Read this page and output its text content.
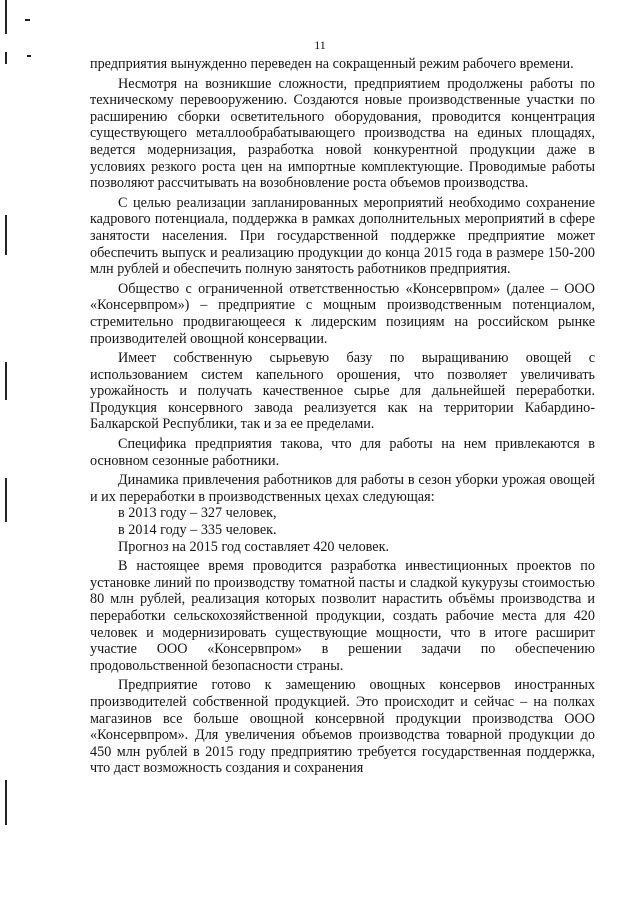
11

предприятия вынужденно переведен на сокращенный режим рабочего времени.

Несмотря на возникшие сложности, предприятием продолжены работы по техническому перевооружению. Создаются новые производственные участки по расширению сборки осветительного оборудования, проводится концентрация существующего металлообрабатывающего производства на единых площадях, ведется модернизация, разработка новой конкурентной продукции даже в условиях резкого роста цен на импортные комплектующие. Проводимые работы позволяют рассчитывать на возобновление роста объемов производства.

С целью реализации запланированных мероприятий необходимо сохранение кадрового потенциала, поддержка в рамках дополнительных мероприятий в сфере занятости населения. При государственной поддержке предприятие может обеспечить выпуск и реализацию продукции до конца 2015 года в размере 150-200 млн рублей и обеспечить полную занятость работников предприятия.

Общество с ограниченной ответственностью «Консервпром» (далее – ООО «Консервпром») – предприятие с мощным производственным потенциалом, стремительно продвигающееся к лидерским позициям на российском рынке производителей овощной консервации.

Имеет собственную сырьевую базу по выращиванию овощей с использованием систем капельного орошения, что позволяет увеличивать урожайность и получать качественное сырье для дальнейшей переработки. Продукция консервного завода реализуется как на территории Кабардино-Балкарской Республики, так и за ее пределами.

Специфика предприятия такова, что для работы на нем привлекаются в основном сезонные работники.

Динамика привлечения работников для работы в сезон уборки урожая овощей и их переработки в производственных цехах следующая:

в 2013 году – 327 человек,

в 2014 году – 335 человек.

Прогноз на 2015 год составляет 420 человек.

В настоящее время проводится разработка инвестиционных проектов по установке линий по производству томатной пасты и сладкой кукурузы стоимостью 80 млн рублей, реализация которых позволит нарастить объёмы производства и переработки сельскохозяйственной продукции, создать рабочие места для 420 человек и модернизировать существующие мощности, что в итоге расширит участие ООО «Консервпром» в решении задачи по обеспечению продовольственной безопасности страны.

Предприятие готово к замещению овощных консервов иностранных производителей собственной продукцией. Это происходит и сейчас – на полках магазинов все больше овощной консервной продукции производства ООО «Консервпром». Для увеличения объемов производства товарной продукции до 450 млн рублей в 2015 году предприятию требуется государственная поддержка, что даст возможность создания и сохранения
